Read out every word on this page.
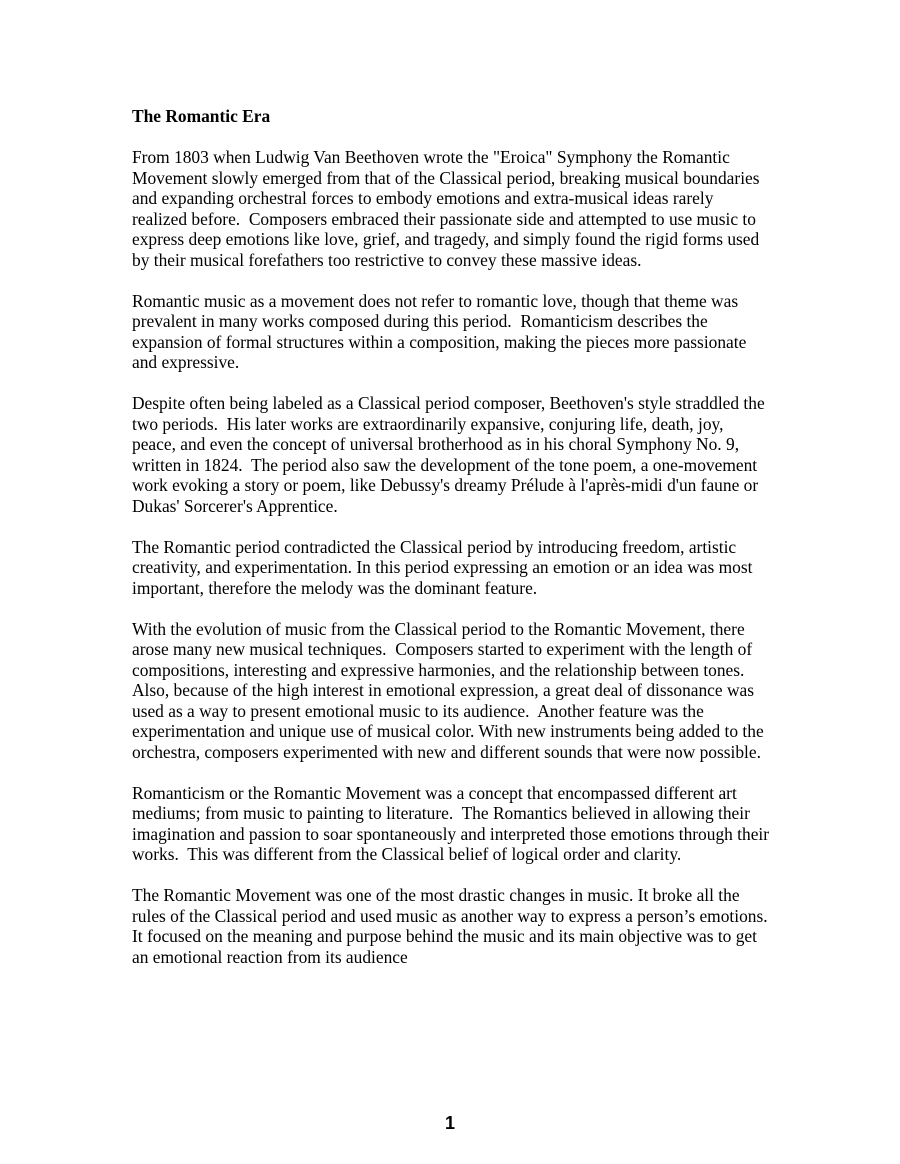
The Romantic Era

From 1803 when Ludwig Van Beethoven wrote the "Eroica" Symphony the Romantic Movement slowly emerged from that of the Classical period, breaking musical boundaries and expanding orchestral forces to embody emotions and extra-musical ideas rarely realized before.  Composers embraced their passionate side and attempted to use music to express deep emotions like love, grief, and tragedy, and simply found the rigid forms used by their musical forefathers too restrictive to convey these massive ideas.

Romantic music as a movement does not refer to romantic love, though that theme was prevalent in many works composed during this period.  Romanticism describes the expansion of formal structures within a composition, making the pieces more passionate and expressive.

Despite often being labeled as a Classical period composer, Beethoven's style straddled the two periods.  His later works are extraordinarily expansive, conjuring life, death, joy, peace, and even the concept of universal brotherhood as in his choral Symphony No. 9, written in 1824.  The period also saw the development of the tone poem, a one-movement work evoking a story or poem, like Debussy's dreamy Prélude à l'après-midi d'un faune or Dukas' Sorcerer's Apprentice.

The Romantic period contradicted the Classical period by introducing freedom, artistic creativity, and experimentation. In this period expressing an emotion or an idea was most important, therefore the melody was the dominant feature.

With the evolution of music from the Classical period to the Romantic Movement, there arose many new musical techniques.  Composers started to experiment with the length of compositions, interesting and expressive harmonies, and the relationship between tones.  Also, because of the high interest in emotional expression, a great deal of dissonance was used as a way to present emotional music to its audience.  Another feature was the experimentation and unique use of musical color. With new instruments being added to the orchestra, composers experimented with new and different sounds that were now possible.

Romanticism or the Romantic Movement was a concept that encompassed different art mediums; from music to painting to literature.  The Romantics believed in allowing their imagination and passion to soar spontaneously and interpreted those emotions through their works.  This was different from the Classical belief of logical order and clarity.

The Romantic Movement was one of the most drastic changes in music. It broke all the rules of the Classical period and used music as another way to express a person’s emotions. It focused on the meaning and purpose behind the music and its main objective was to get an emotional reaction from its audience

1
